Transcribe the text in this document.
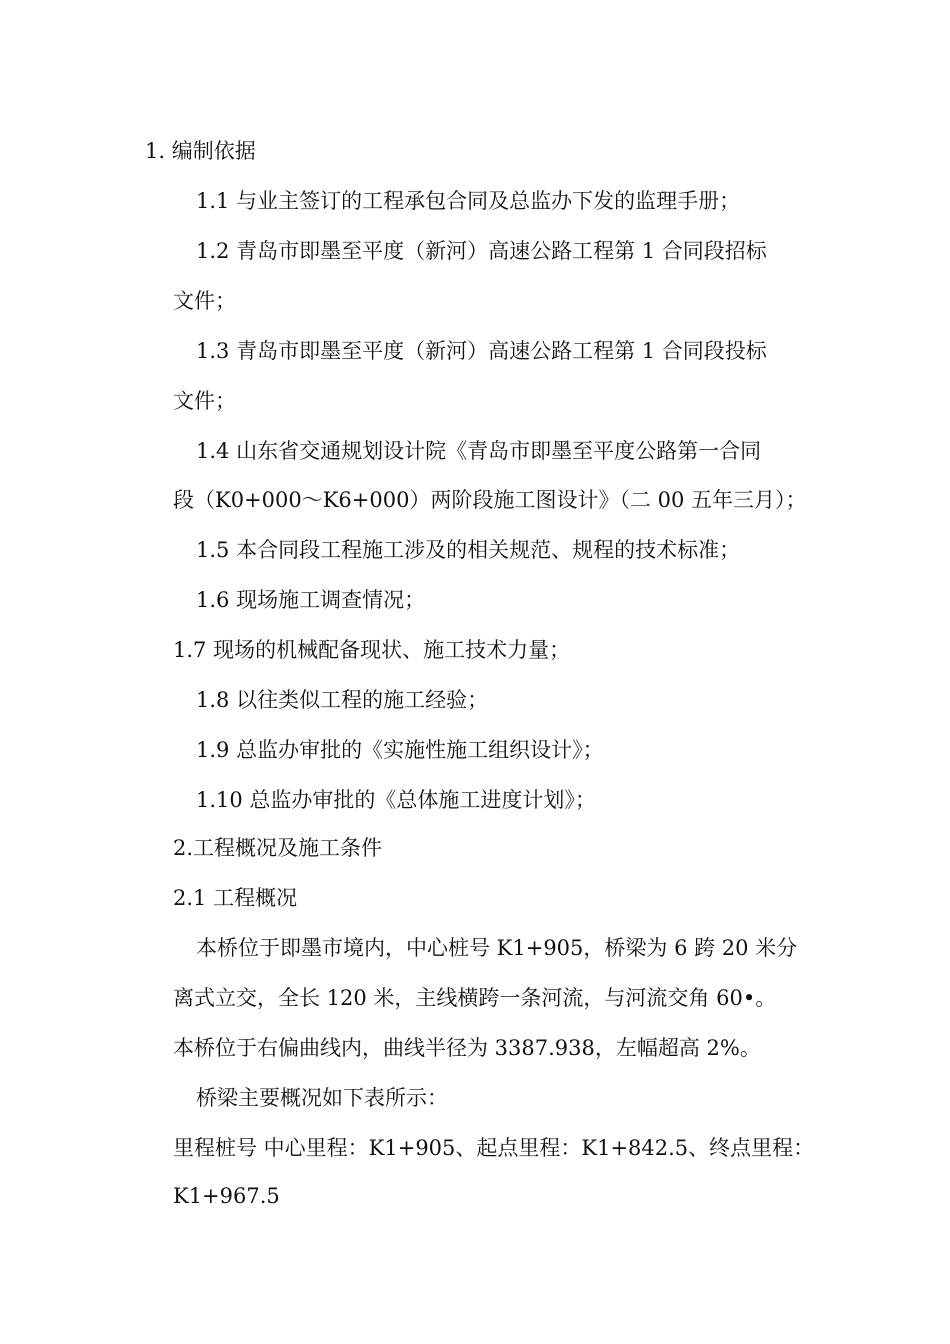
1. 编制依据
1.1 与业主签订的工程承包合同及总监办下发的监理手册；
1.2 青岛市即墨至平度（新河）高速公路工程第 1 合同段招标
文件；
1.3 青岛市即墨至平度（新河）高速公路工程第 1 合同段投标
文件；
1.4 山东省交通规划设计院《青岛市即墨至平度公路第一合同
段（K0+000～K6+000）两阶段施工图设计》（二 00 五年三月）；
1.5 本合同段工程施工涉及的相关规范、规程的技术标准；
1.6 现场施工调查情况；
1.7 现场的机械配备现状、施工技术力量；
1.8 以往类似工程的施工经验；
1.9 总监办审批的《实施性施工组织设计》；
1.10 总监办审批的《总体施工进度计划》；
2.工程概况及施工条件
2.1 工程概况
本桥位于即墨市境内，中心桩号 K1+905，桥梁为 6 跨 20 米分
离式立交，全长 120 米，主线横跨一条河流，与河流交角 60•。
本桥位于右偏曲线内，曲线半径为 3387.938，左幅超高 2%。
桥梁主要概况如下表所示：
里程桩号 中心里程：K1+905、起点里程：K1+842.5、终点里程：
K1+967.5
